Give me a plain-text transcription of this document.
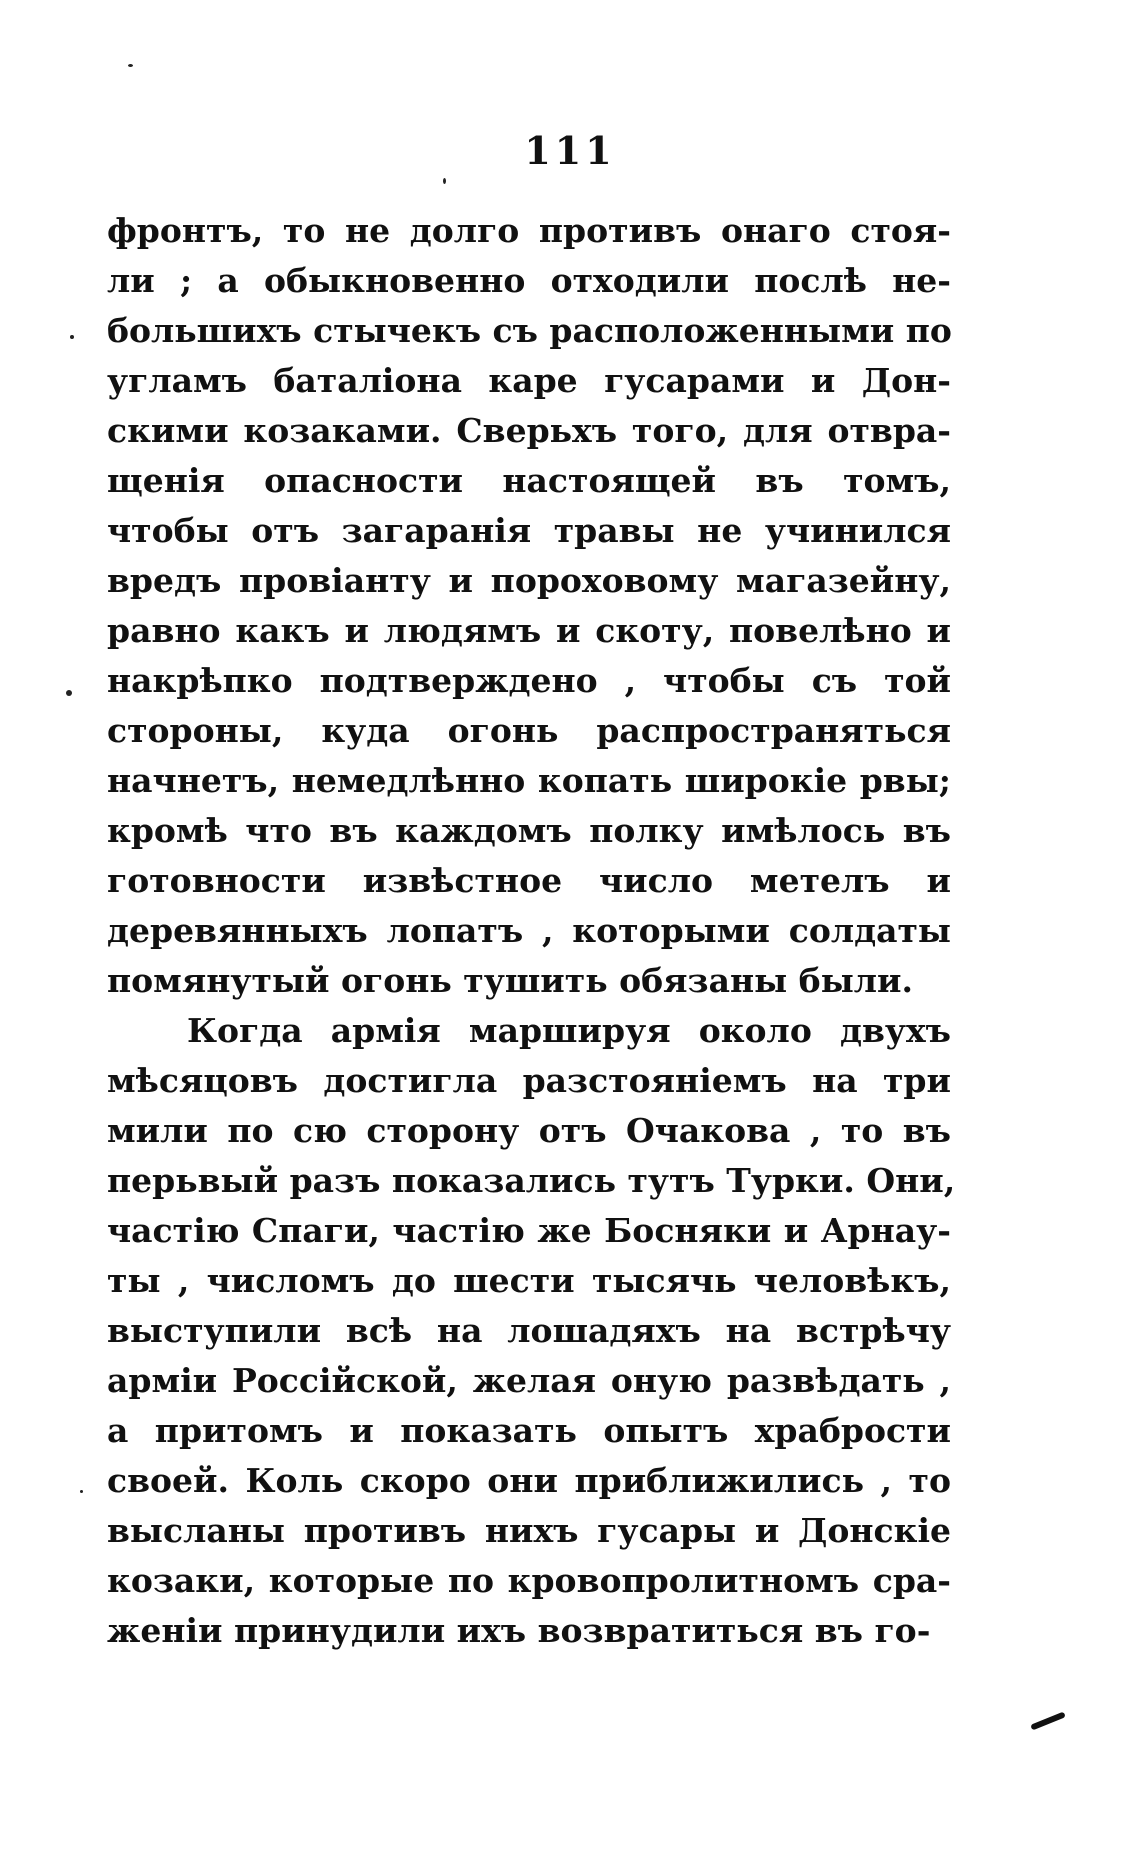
111
фронтъ, то не долго противъ онаго стоя-
ли ; а обыкновенно отходили послѣ не-
большихъ стычекъ съ расположенными по
угламъ баталіона каре гусарами и Дон-
скими козаками. Сверьхъ того, для отвра-
щенія опасности настоящей въ томъ,
чтобы отъ загаранія травы не учинился
вредъ провіанту и пороховому магазейну,
равно какъ и людямъ и скоту, повелѣно и
накрѣпко подтверждено , чтобы съ той
стороны, куда огонь распространяться
начнетъ, немедлѣнно копать широкіе рвы;
кромѣ что въ каждомъ полку имѣлось въ
готовности извѣстное число метелъ и
деревянныхъ лопатъ , которыми солдаты
помянутый огонь тушить обязаны были.
Когда армія маршируя около двухъ
мѣсяцовъ достигла разстояніемъ на три
мили по сю сторону отъ Очакова , то въ
перьвый разъ показались тутъ Турки. Они,
частію Спаги, частію же Босняки и Арнау-
ты , числомъ до шести тысячь человѣкъ,
выступили всѣ на лошадяхъ на встрѣчу
арміи Россійской, желая оную развѣдать ,
а притомъ и показать опытъ храбрости
своей. Коль скоро они приближились , то
высланы противъ нихъ гусары и Донскіе
козаки, которые по кровопролитномъ сра-
женіи принудили ихъ возвратиться въ го-
